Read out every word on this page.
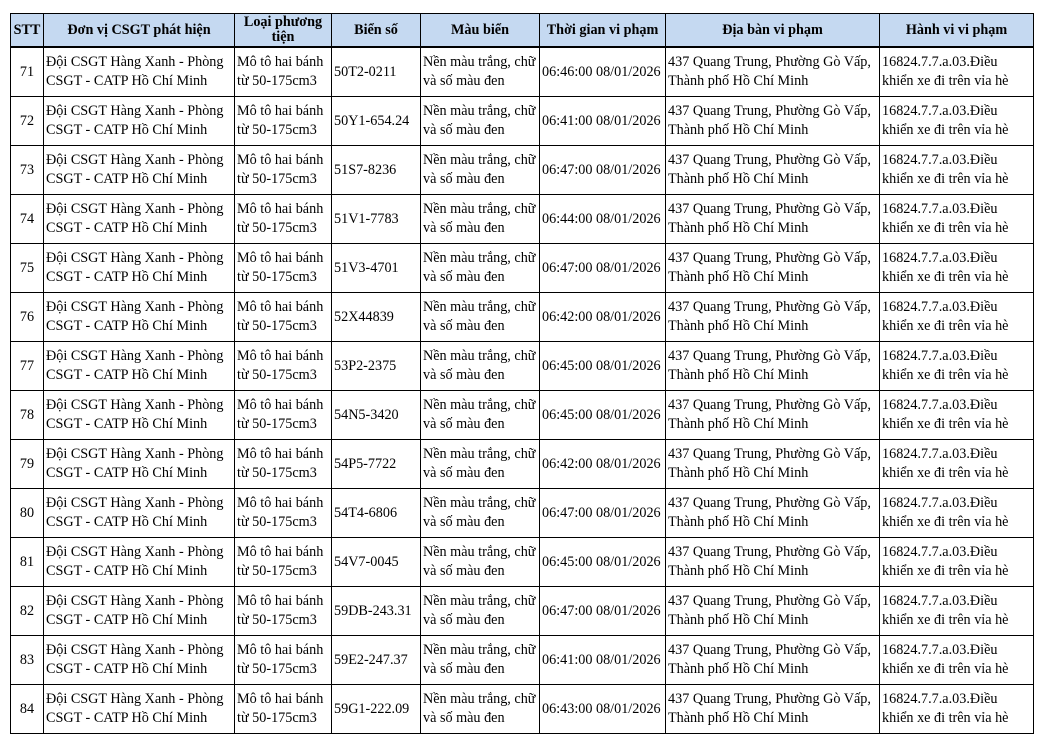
STT	Đơn vị CSGT phát hiện	Loại phương tiện	Biển số	Màu biển	Thời gian vi phạm	Địa bàn vi phạm	Hành vi vi phạm
71	Đội CSGT Hàng Xanh - Phòng CSGT - CATP Hồ Chí Minh	Mô tô hai bánh từ 50-175cm3	50T2-0211	Nền màu trắng, chữ và số màu đen	06:46:00 08/01/2026	437 Quang Trung, Phường Gò Vấp, Thành phố Hồ Chí Minh	16824.7.7.a.03.Điều khiển xe đi trên vỉa hè
72	Đội CSGT Hàng Xanh - Phòng CSGT - CATP Hồ Chí Minh	Mô tô hai bánh từ 50-175cm3	50Y1-654.24	Nền màu trắng, chữ và số màu đen	06:41:00 08/01/2026	437 Quang Trung, Phường Gò Vấp, Thành phố Hồ Chí Minh	16824.7.7.a.03.Điều khiển xe đi trên vỉa hè
73	Đội CSGT Hàng Xanh - Phòng CSGT - CATP Hồ Chí Minh	Mô tô hai bánh từ 50-175cm3	51S7-8236	Nền màu trắng, chữ và số màu đen	06:47:00 08/01/2026	437 Quang Trung, Phường Gò Vấp, Thành phố Hồ Chí Minh	16824.7.7.a.03.Điều khiển xe đi trên vỉa hè
74	Đội CSGT Hàng Xanh - Phòng CSGT - CATP Hồ Chí Minh	Mô tô hai bánh từ 50-175cm3	51V1-7783	Nền màu trắng, chữ và số màu đen	06:44:00 08/01/2026	437 Quang Trung, Phường Gò Vấp, Thành phố Hồ Chí Minh	16824.7.7.a.03.Điều khiển xe đi trên vỉa hè
75	Đội CSGT Hàng Xanh - Phòng CSGT - CATP Hồ Chí Minh	Mô tô hai bánh từ 50-175cm3	51V3-4701	Nền màu trắng, chữ và số màu đen	06:47:00 08/01/2026	437 Quang Trung, Phường Gò Vấp, Thành phố Hồ Chí Minh	16824.7.7.a.03.Điều khiển xe đi trên vỉa hè
76	Đội CSGT Hàng Xanh - Phòng CSGT - CATP Hồ Chí Minh	Mô tô hai bánh từ 50-175cm3	52X44839	Nền màu trắng, chữ và số màu đen	06:42:00 08/01/2026	437 Quang Trung, Phường Gò Vấp, Thành phố Hồ Chí Minh	16824.7.7.a.03.Điều khiển xe đi trên vỉa hè
77	Đội CSGT Hàng Xanh - Phòng CSGT - CATP Hồ Chí Minh	Mô tô hai bánh từ 50-175cm3	53P2-2375	Nền màu trắng, chữ và số màu đen	06:45:00 08/01/2026	437 Quang Trung, Phường Gò Vấp, Thành phố Hồ Chí Minh	16824.7.7.a.03.Điều khiển xe đi trên vỉa hè
78	Đội CSGT Hàng Xanh - Phòng CSGT - CATP Hồ Chí Minh	Mô tô hai bánh từ 50-175cm3	54N5-3420	Nền màu trắng, chữ và số màu đen	06:45:00 08/01/2026	437 Quang Trung, Phường Gò Vấp, Thành phố Hồ Chí Minh	16824.7.7.a.03.Điều khiển xe đi trên vỉa hè
79	Đội CSGT Hàng Xanh - Phòng CSGT - CATP Hồ Chí Minh	Mô tô hai bánh từ 50-175cm3	54P5-7722	Nền màu trắng, chữ và số màu đen	06:42:00 08/01/2026	437 Quang Trung, Phường Gò Vấp, Thành phố Hồ Chí Minh	16824.7.7.a.03.Điều khiển xe đi trên vỉa hè
80	Đội CSGT Hàng Xanh - Phòng CSGT - CATP Hồ Chí Minh	Mô tô hai bánh từ 50-175cm3	54T4-6806	Nền màu trắng, chữ và số màu đen	06:47:00 08/01/2026	437 Quang Trung, Phường Gò Vấp, Thành phố Hồ Chí Minh	16824.7.7.a.03.Điều khiển xe đi trên vỉa hè
81	Đội CSGT Hàng Xanh - Phòng CSGT - CATP Hồ Chí Minh	Mô tô hai bánh từ 50-175cm3	54V7-0045	Nền màu trắng, chữ và số màu đen	06:45:00 08/01/2026	437 Quang Trung, Phường Gò Vấp, Thành phố Hồ Chí Minh	16824.7.7.a.03.Điều khiển xe đi trên vỉa hè
82	Đội CSGT Hàng Xanh - Phòng CSGT - CATP Hồ Chí Minh	Mô tô hai bánh từ 50-175cm3	59DB-243.31	Nền màu trắng, chữ và số màu đen	06:47:00 08/01/2026	437 Quang Trung, Phường Gò Vấp, Thành phố Hồ Chí Minh	16824.7.7.a.03.Điều khiển xe đi trên vỉa hè
83	Đội CSGT Hàng Xanh - Phòng CSGT - CATP Hồ Chí Minh	Mô tô hai bánh từ 50-175cm3	59E2-247.37	Nền màu trắng, chữ và số màu đen	06:41:00 08/01/2026	437 Quang Trung, Phường Gò Vấp, Thành phố Hồ Chí Minh	16824.7.7.a.03.Điều khiển xe đi trên vỉa hè
84	Đội CSGT Hàng Xanh - Phòng CSGT - CATP Hồ Chí Minh	Mô tô hai bánh từ 50-175cm3	59G1-222.09	Nền màu trắng, chữ và số màu đen	06:43:00 08/01/2026	437 Quang Trung, Phường Gò Vấp, Thành phố Hồ Chí Minh	16824.7.7.a.03.Điều khiển xe đi trên vỉa hè
